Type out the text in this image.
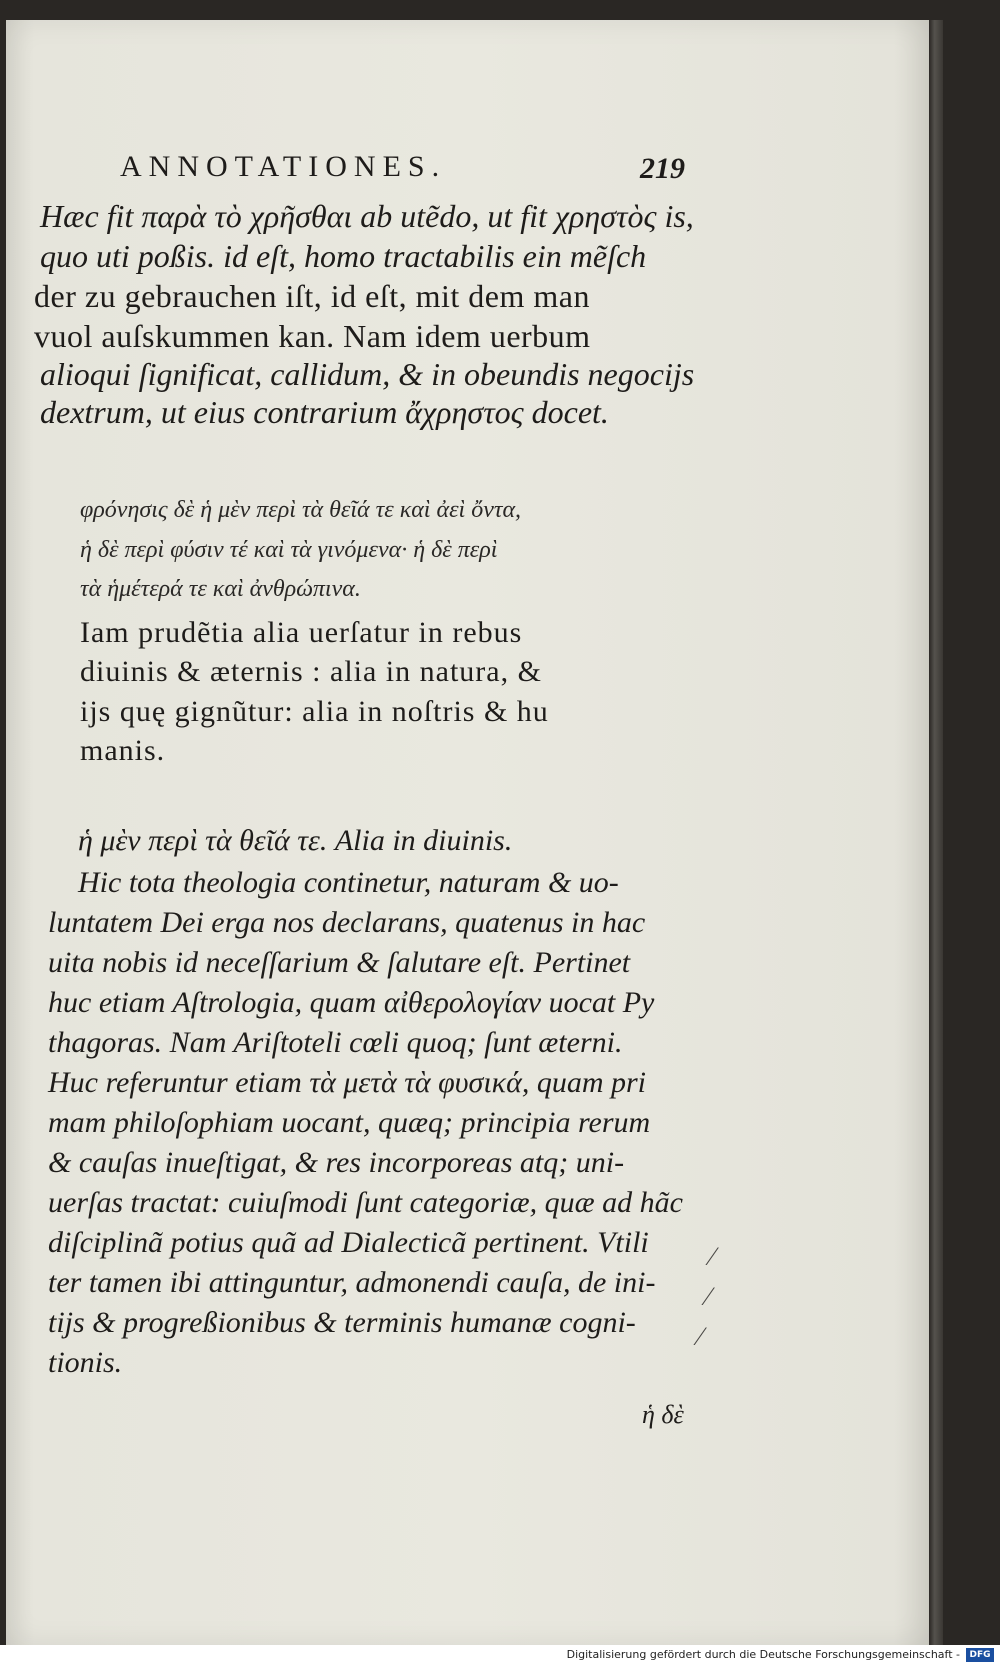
ANNOTATIONES.	219
Hæc fit παρὰ τὸ χρῆσθαι ab utẽdo, ut fit χρηστὸς is,
quo uti poßis. id eſt, homo tractabilis ein mẽſch
der zu gebrauchen iſt, id eſt, mit dem man
vuol auſskummen kan. Nam idem uerbum
alioqui ſignificat, callidum, & in obeundis negocijs
dextrum, ut eius contrarium ἄχρηστος docet.
φρόνησις δὲ ἡ μὲν περὶ τὰ θεῖά τε καὶ ἀεὶ ὄντα,
ἡ δὲ περὶ φύσιν τέ καὶ τὰ γινόμενα· ἡ δὲ περὶ
τὰ ἡμέτερά τε καὶ ἀνθρώπινα.
Iam prudẽtia alia uerſatur in rebus
diuinis & æternis : alia in natura, &
ijs quę gignũtur: alia in noſtris & hu
manis.
ἡ μὲν περὶ τὰ θεῖά τε. Alia in diuinis.
Hic tota theologia continetur, naturam & uo-
luntatem Dei erga nos declarans, quatenus in hac
uita nobis id neceſſarium & ſalutare eſt. Pertinet
huc etiam Aſtrologia, quam αἰθερολογίαν uocat Py
thagoras. Nam Ariſtoteli cœli quoq; ſunt æterni.
Huc referuntur etiam τὰ μετὰ τὰ φυσικά, quam pri
mam philoſophiam uocant, quæq; principia rerum
& cauſas inueſtigat, & res incorporeas atq; uni-
uerſas tractat: cuiuſmodi ſunt categoriæ, quæ ad hãc
diſciplinã potius quã ad Dialecticã pertinent. Vtili
ter tamen ibi attinguntur, admonendi cauſa, de ini-
tijs & progreßionibus & terminis humanæ cogni-
tionis.
ἡ δὲ
⁄
⁄
⁄
Digitalisierung gefördert durch die Deutsche Forschungsgemeinschaft -	DFG
